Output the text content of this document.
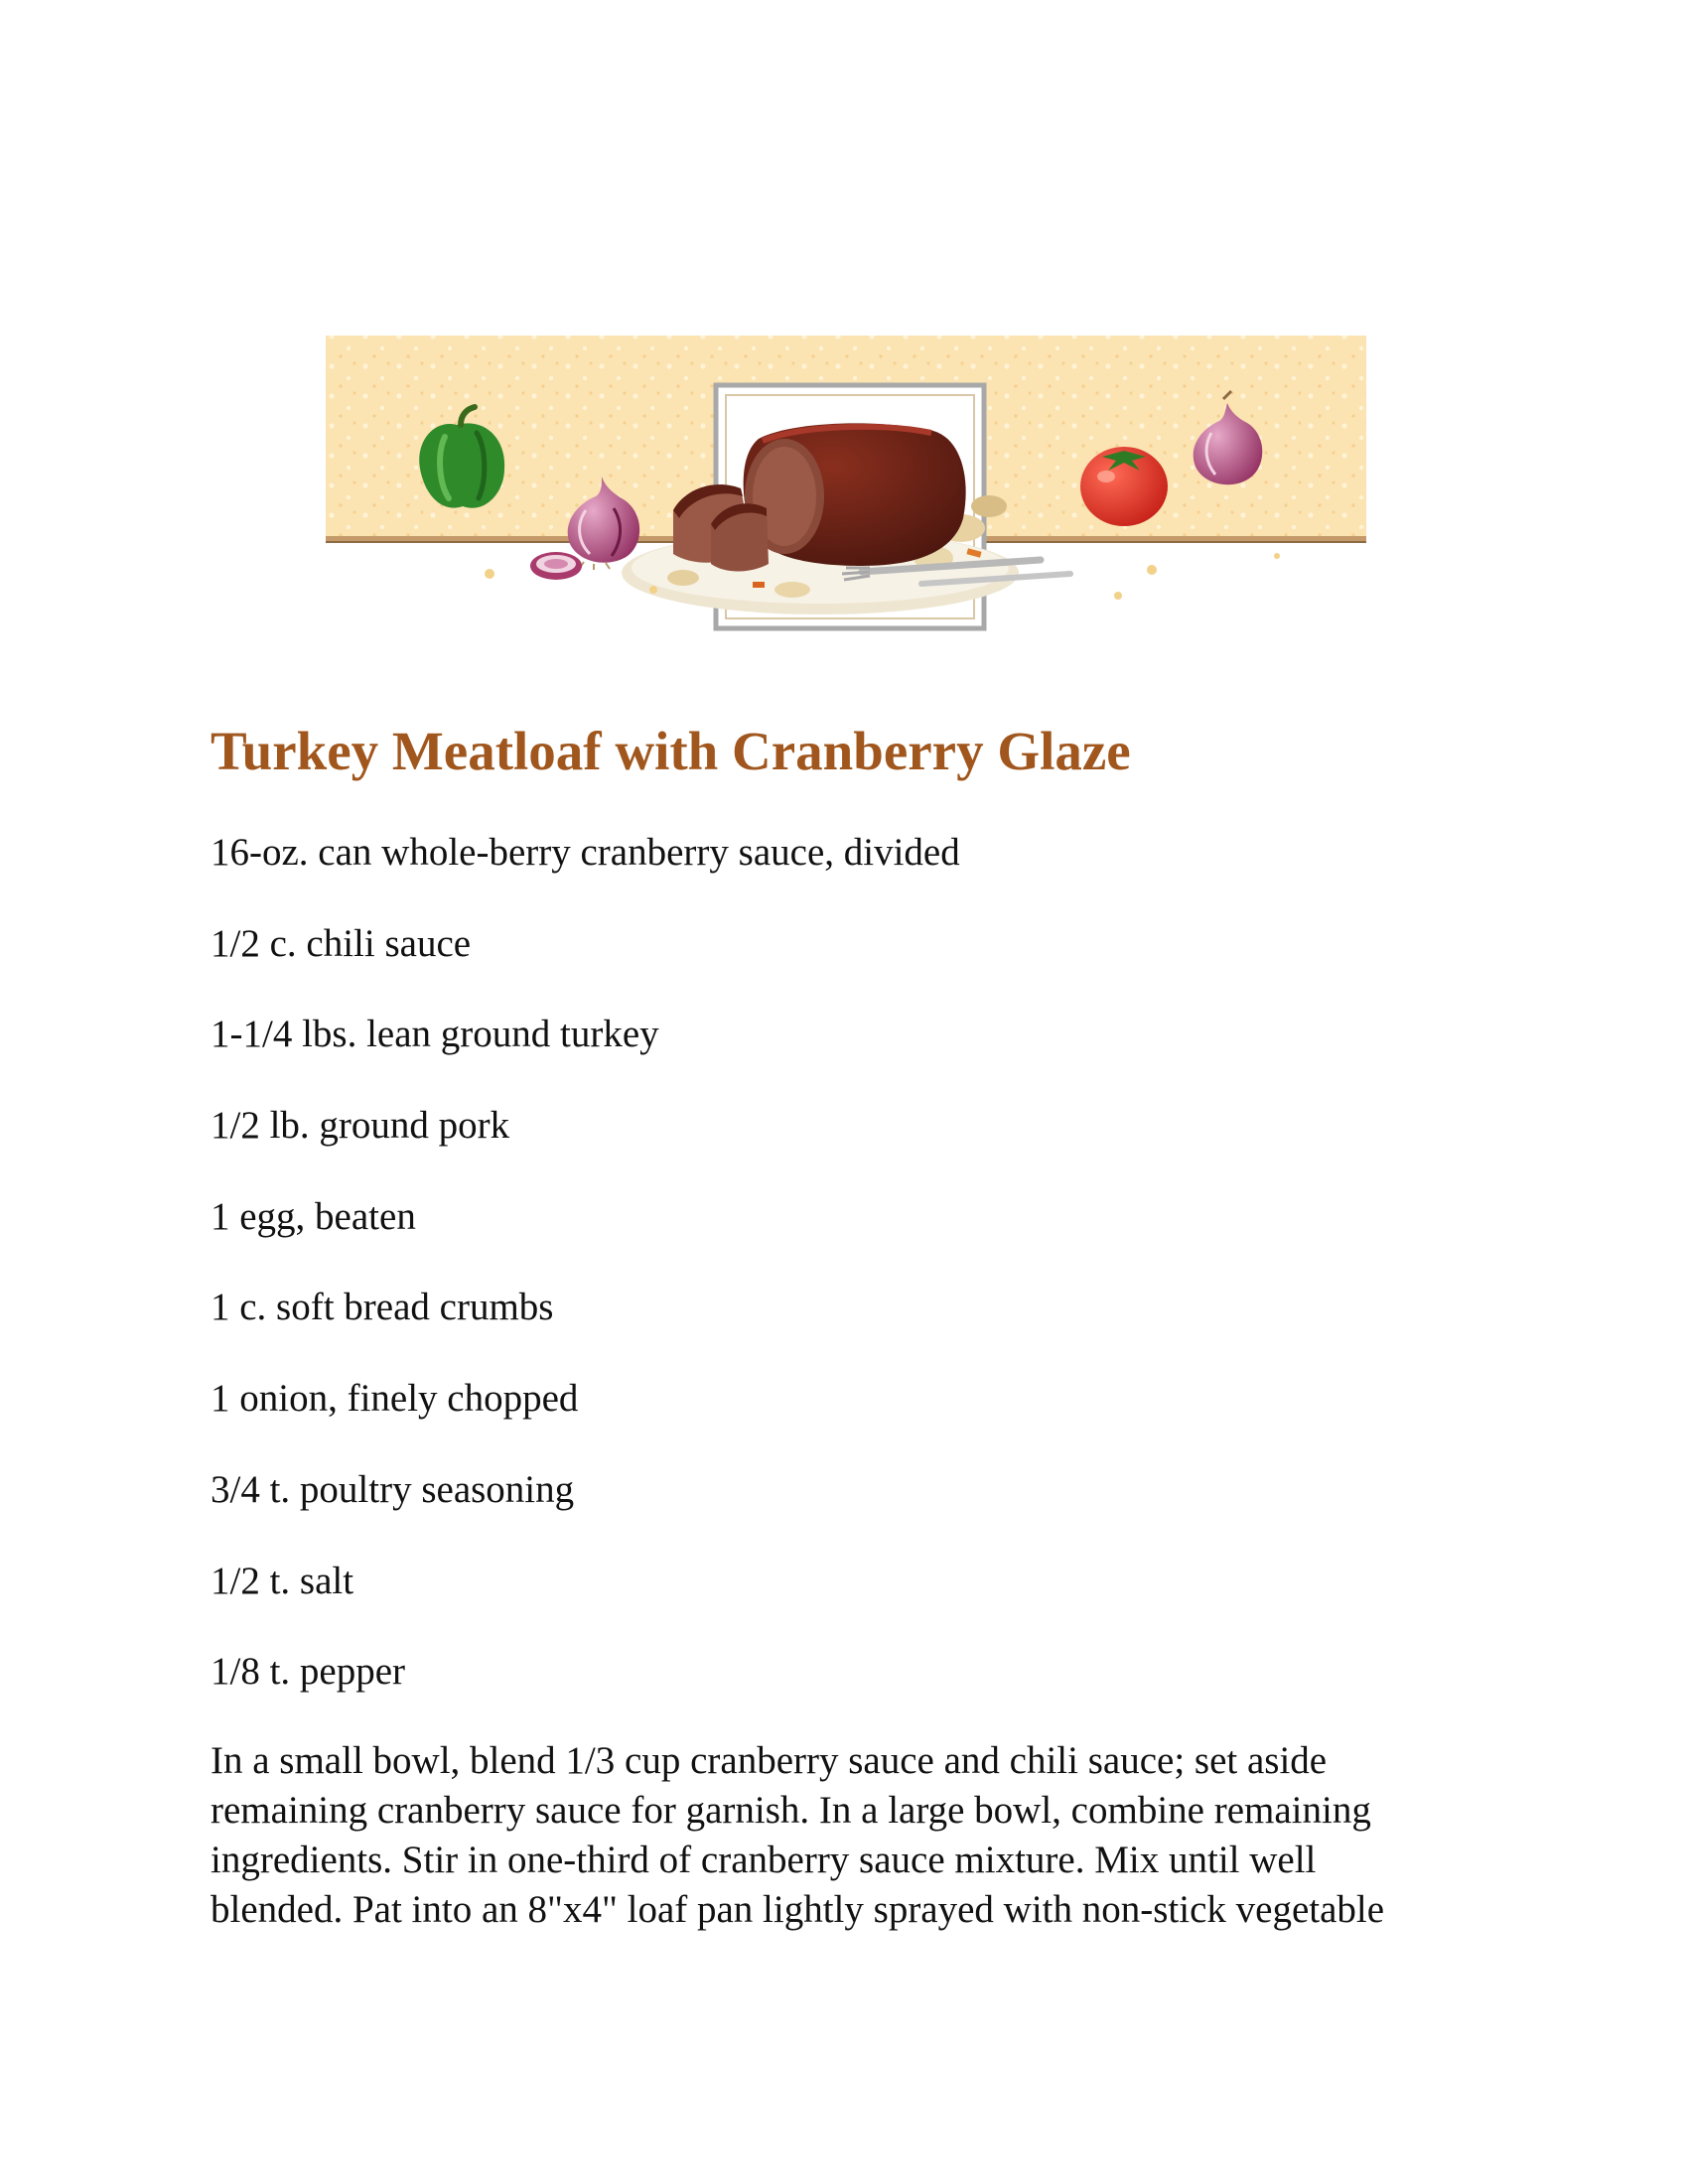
Turkey Meatloaf with Cranberry Glaze
16-oz. can whole-berry cranberry sauce, divided
1/2 c. chili sauce
1-1/4 lbs. lean ground turkey
1/2 lb. ground pork
1 egg, beaten
1 c. soft bread crumbs
1 onion, finely chopped
3/4 t. poultry seasoning
1/2 t. salt
1/8 t. pepper

In a small bowl, blend 1/3 cup cranberry sauce and chili sauce; set aside
remaining cranberry sauce for garnish. In a large bowl, combine remaining
ingredients. Stir in one-third of cranberry sauce mixture. Mix until well
blended. Pat into an 8"x4" loaf pan lightly sprayed with non-stick vegetable
